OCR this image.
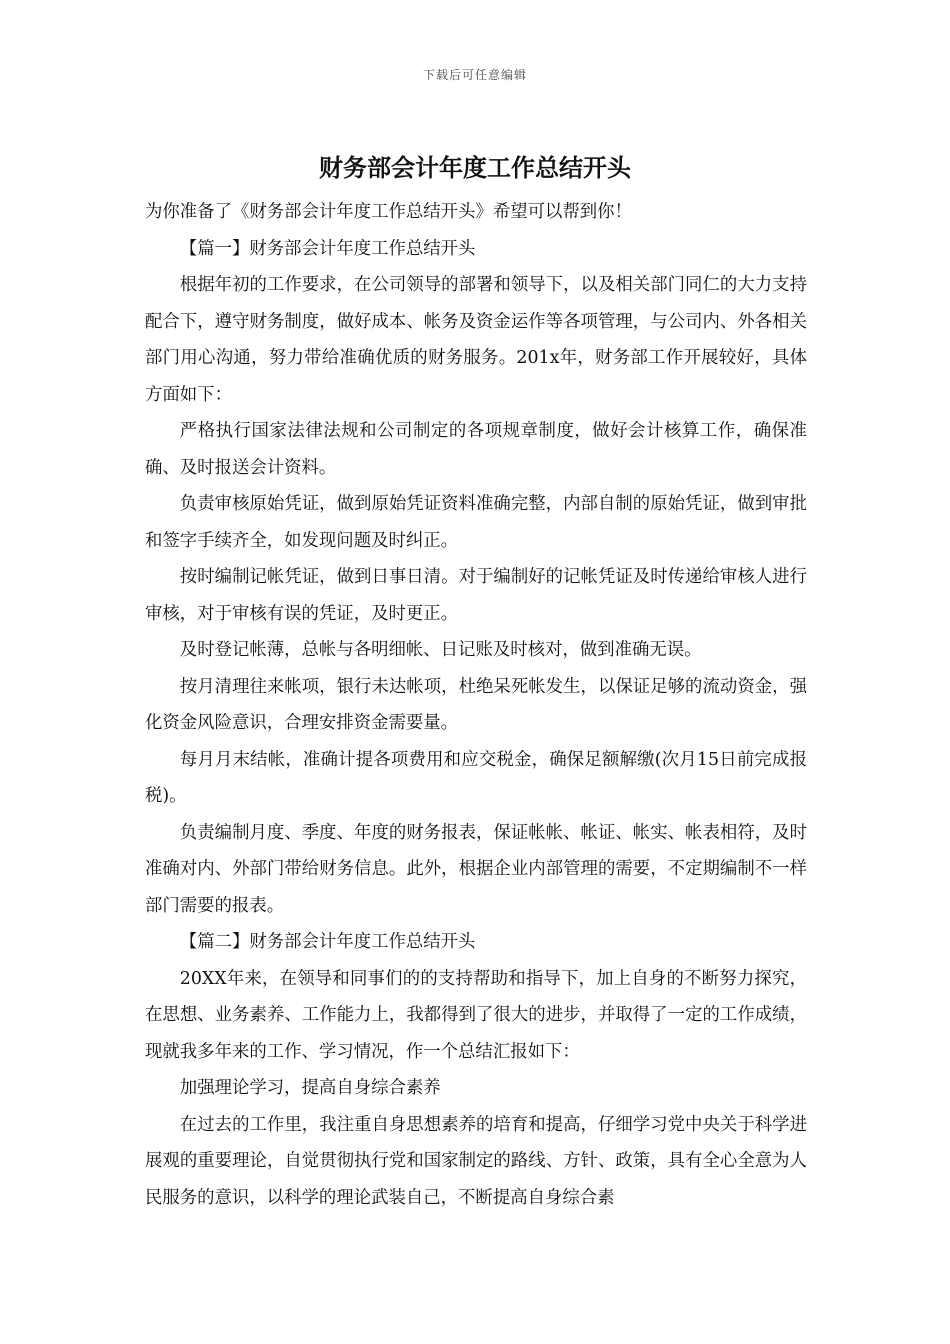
下载后可任意编辑
财务部会计年度工作总结开头

为你准备了《财务部会计年度工作总结开头》希望可以帮到你！

【篇一】财务部会计年度工作总结开头

根据年初的工作要求，在公司领导的部署和领导下，以及相关部门同仁的大力支持配合下，遵守财务制度，做好成本、帐务及资金运作等各项管理，与公司内、外各相关部门用心沟通，努力带给准确优质的财务服务。201x年，财务部工作开展较好，具体方面如下：

严格执行国家法律法规和公司制定的各项规章制度，做好会计核算工作，确保准确、及时报送会计资料。

负责审核原始凭证，做到原始凭证资料准确完整，内部自制的原始凭证，做到审批和签字手续齐全，如发现问题及时纠正。

按时编制记帐凭证，做到日事日清。对于编制好的记帐凭证及时传递给审核人进行审核，对于审核有误的凭证，及时更正。

及时登记帐薄，总帐与各明细帐、日记账及时核对，做到准确无误。

按月清理往来帐项，银行未达帐项，杜绝呆死帐发生，以保证足够的流动资金，强化资金风险意识，合理安排资金需要量。

每月月末结帐，准确计提各项费用和应交税金，确保足额解缴(次月15日前完成报税)。

负责编制月度、季度、年度的财务报表，保证帐帐、帐证、帐实、帐表相符，及时准确对内、外部门带给财务信息。此外，根据企业内部管理的需要，不定期编制不一样部门需要的报表。

【篇二】财务部会计年度工作总结开头

20XX年来，在领导和同事们的的支持帮助和指导下，加上自身的不断努力探究，在思想、业务素养、工作能力上，我都得到了很大的进步，并取得了一定的工作成绩，现就我多年来的工作、学习情况，作一个总结汇报如下：

加强理论学习，提高自身综合素养

在过去的工作里，我注重自身思想素养的培育和提高，仔细学习党中央关于科学进展观的重要理论，自觉贯彻执行党和国家制定的路线、方针、政策，具有全心全意为人民服务的意识，以科学的理论武装自己，不断提高自身综合素
